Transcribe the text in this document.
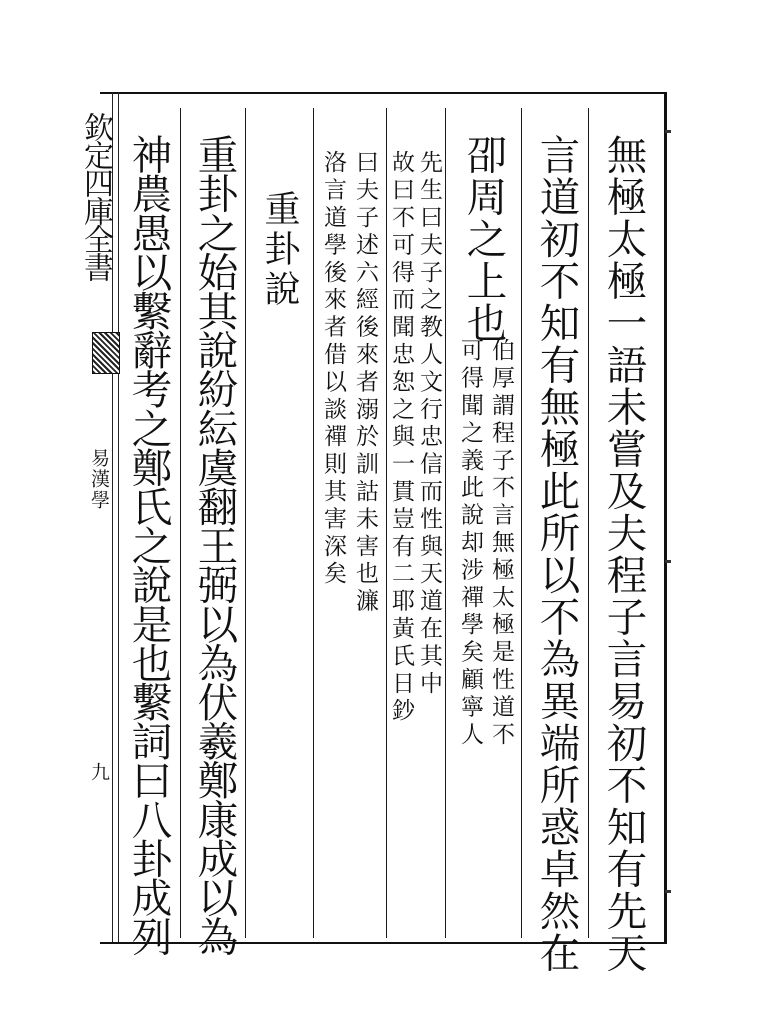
欽定四庫全書
易漢學
九	無極太極一語未嘗及夫程子言易初不知有先天
言道初不知有無極此所以不為異端所惑卓然在
卲周之上也
伯厚謂程子不言無極太極是性道不
可得聞之義此說却涉禪學矣顧寧人
先生曰夫子之教人文行忠信而性與天道在其中
故曰不可得而聞忠恕之與一貫豈有二耶黃氏日鈔
曰夫子述六經後來者溺於訓詁未害也濂
洛言道學後來者借以談禪則其害深矣
重卦說
重卦之始其說紛紜虞翻王弼以為伏羲鄭康成以為
神農愚以繫辭考之鄭氏之說是也繫詞曰八卦成列
